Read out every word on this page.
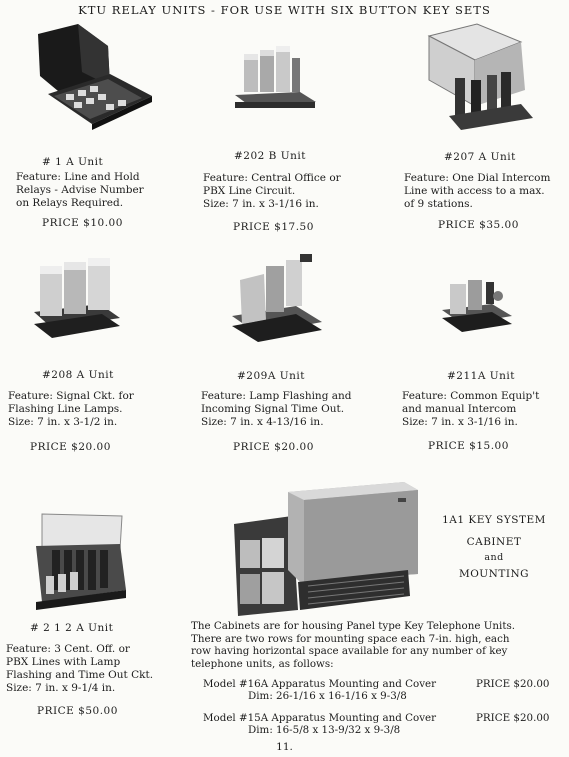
KTU RELAY UNITS - FOR USE WITH SIX BUTTON KEY SETS
# 1 A Unit
Feature: Line and Hold
Relays - Advise Number
on Relays Required.
PRICE $10.00
#202 B Unit
Feature: Central Office or
PBX Line Circuit.
Size: 7 in. x 3-1/16 in.
PRICE $17.50
#207 A Unit
Feature: One Dial Intercom
Line with access to a max.
of 9 stations.
PRICE $35.00
#208 A Unit
Feature: Signal Ckt. for
Flashing Line Lamps.
Size: 7 in. x 3-1/2 in.
PRICE $20.00
#209A Unit
Feature: Lamp Flashing and
Incoming Signal Time Out.
Size: 7 in. x 4-13/16 in.
PRICE $20.00
#211A Unit
Feature: Common Equip't
and manual Intercom
Size: 7 in. x 3-1/16 in.
PRICE $15.00
# 2 1 2 A Unit
Feature: 3 Cent. Off. or
PBX Lines with Lamp
Flashing and Time Out Ckt.
Size: 7 in. x 9-1/4 in.
PRICE $50.00
1A1 KEY SYSTEM
CABINET
and
MOUNTING
The Cabinets are for housing Panel type Key Telephone Units.
There are two rows for mounting space each 7-in. high, each
row having horizontal space available for any number of key
telephone units, as follows:
Model #16A Apparatus Mounting and Cover	PRICE $20.00
Dim: 26-1/16 x 16-1/16 x 9-3/8
Model #15A Apparatus Mounting and Cover	PRICE $20.00
Dim: 16-5/8 x 13-9/32 x 9-3/8
11.
